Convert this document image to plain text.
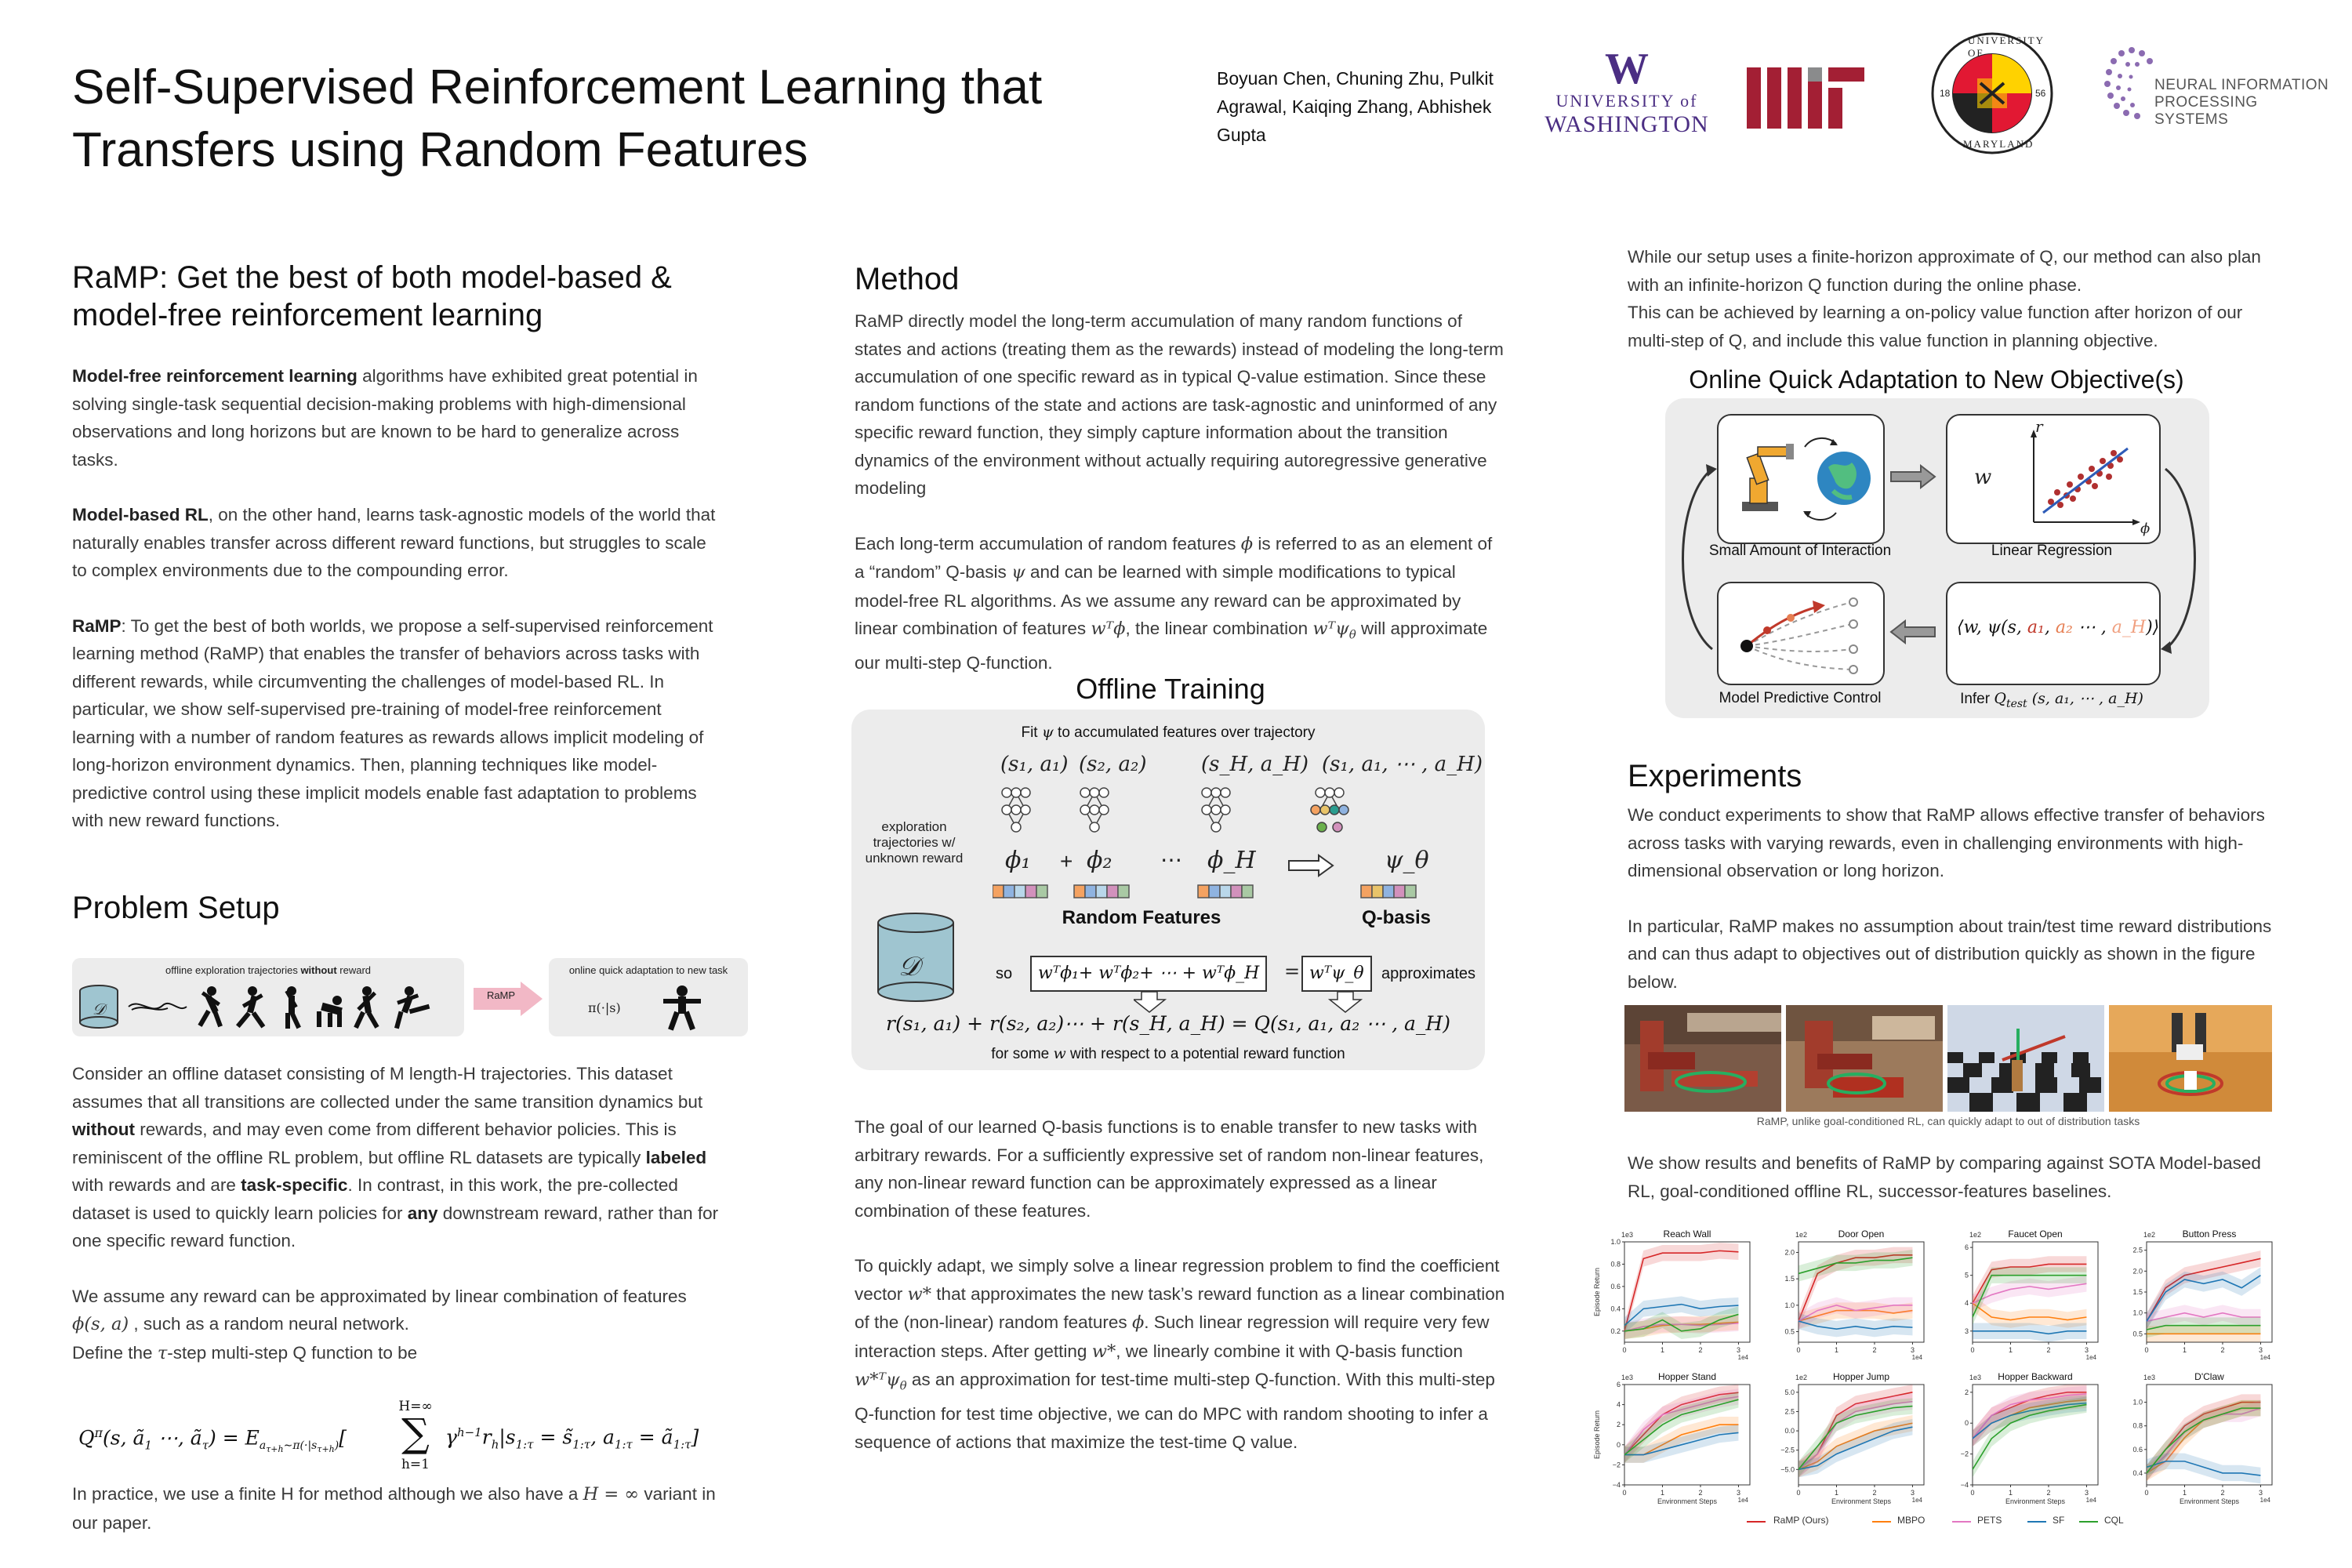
Self-Supervised Reinforcement Learning that Transfers using Random Features
Boyuan Chen, Chuning Zhu, Pulkit Agrawal, Kaiqing Zhang, Abhishek Gupta
W
UNIVERSITY of
WASHINGTON
UNIVERSITY OF
MARYLAND
18	56	NEURAL INFORMATION PROCESSING SYSTEMS
RaMP: Get the best of both model-based & model-free reinforcement learning

Model-free reinforcement learning algorithms have exhibited great potential in solving single-task sequential decision-making problems with high-dimensional observations and long horizons but are known to be hard to generalize across tasks.

Model-based RL, on the other hand, learns task-agnostic models of the world that naturally enables transfer across different reward functions, but struggles to scale to complex environments due to the compounding error.

RaMP: To get the best of both worlds, we propose a self-supervised reinforcement learning method (RaMP) that enables the transfer of behaviors across tasks with different rewards, while circumventing the challenges of model-based RL. In particular, we show self-supervised pre-training of model-free reinforcement learning with a number of random features as rewards allows implicit modeling of long-horizon environment dynamics. Then, planning techniques like model-predictive control using these implicit models enable fast adaptation to problems with new reward functions.

Problem Setup
offline exploration trajectories without reward
𝒟
RaMP
online quick adaptation to new task
π(·|s)

Consider an offline dataset consisting of M length-H trajectories. This dataset assumes that all transitions are collected under the same transition dynamics but without rewards, and may even come from different behavior policies. This is reminiscent of the offline RL problem, but offline RL datasets are typically labeled with rewards and are task-specific. In contrast, in this work, the pre-collected dataset is used to quickly learn policies for any downstream reward, rather than for one specific reward function.

We assume any reward can be approximated by linear combination of features ϕ(s, a) , such as a random neural network.
Define the τ-step multi-step Q function to be

$Q^\pi(s$, $ã_1$ ⋯, $ã_\tau) = E_{a_{\tau+h}\sim\pi(\cdot|s_{\tau+h})}$[
H=∞
∑
h=1
$\gamma^{h-1}r_h|s_{1:\tau}$ = $s̃_{1:\tau}$, $a_{1:\tau}$ = $ã_{1:\tau}$]
In practice, we use a finite H for method although we also have a H = ∞ variant in our paper.
Method

RaMP directly model the long-term accumulation of many random functions of states and actions (treating them as the rewards) instead of modeling the long-term accumulation of one specific reward as in typical Q-value estimation. Since these random functions of the state and actions are task-agnostic and uninformed of any specific reward function, they simply capture information about the transition dynamics of the environment without actually requiring autoregressive generative modeling

Each long-term accumulation of random features ϕ is referred to as an element of a “random” Q-basis ψ and can be learned with simple modifications to typical model-free RL algorithms. As we assume any reward can be approximated by linear combination of features wᵀϕ, the linear combination wᵀψ$_\theta$ will approximate our multi-step Q-function.

Offline Training
Fit ψ to accumulated features over trajectory
(s₁, a₁) (s₂, a₂)	(s_H, a_H) (s₁, a₁, ⋯ , a_H)
exploration trajectories w/ unknown reward	ϕ₁ + ϕ₂ ⋯ ϕ_H	ψ_θ
Random Features	Q-basis
𝒟	so	wᵀϕ₁+ wᵀϕ₂+ ⋯ + wᵀϕ_H	= wᵀψ_θ	approximates
r(s₁, a₁) + r(s₂, a₂)⋯ + r(s_H, a_H) = Q(s₁, a₁, a₂ ⋯ , a_H)
for some w with respect to a potential reward function

The goal of our learned Q-basis functions is to enable transfer to new tasks with arbitrary rewards. For a sufficiently expressive set of random non-linear features, any non-linear reward function can be approximately expressed as a linear combination of these features.

To quickly adapt, we simply solve a linear regression problem to find the coefficient vector w* that approximates the new task’s reward function as a linear combination of the (non-linear) random features ϕ. Such linear regression will require very few interaction steps. After getting w*, we linearly combine it with Q-basis function w*ᵀψ$_\theta$ as an approximation for test-time multi-step Q-function. With this multi-step Q-function for test time objective, we can do MPC with random shooting to infer a sequence of actions that maximize the test-time Q value.

While our setup uses a finite-horizon approximate of Q, our method can also plan with an infinite-horizon Q function during the online phase.

This can be achieved by learning a on-policy value function after horizon of our multi-step of Q, and include this value function in planning objective.

Online Quick Adaptation to New Objective(s)
Small Amount of Interaction
w
r
ϕ
Linear Regression
⟨w, ψ(s, a₁, a₂ ⋯ , a_H)⟩
Infer $Q_{test}$ (s, a₁, ⋯ , a_H)
Model Predictive Control
Experiments

We conduct experiments to show that RaMP allows effective transfer of behaviors across tasks with varying rewards, even in challenging environments with high-dimensional observation or long horizon.

In particular, RaMP makes no assumption about train/test time reward distributions and can thus adapt to objectives out of distribution quickly as shown in the figure below.

RaMP, unlike goal-conditioned RL, can quickly adapt to out of distribution tasks
We show results and benefits of RaMP by comparing against SOTA Model-based RL, goal-conditioned offline RL, successor-features baselines.
Reach Wall
1e3
0.2
0.4
0.6
0.8
1.0
0	1	2	3
1e4
Episode Return
Door Open
1e2
0.5
1.0
1.5
2.0
0	1	2	3
1e4
Faucet Open
1e2
3
4
5
6
0	1	2	3
1e4
Button Press
1e2
0.5
1.0
1.5
2.0
2.5
0	1	2	3
1e4
Hopper Stand
1e3
−4
−2
0
2
4
6
0	1	2	3
1e4
Environment Steps
Episode Return
Hopper Jump
1e2
−5.0
−2.5
0.0
2.5
5.0
0	1	2	3
1e4
Environment Steps
Hopper Backward
1e3
−4
−2
0
2
0	1	2	3
1e4
Environment Steps
D'Claw
1e3
0.4
0.6
0.8
1.0
0	1	2	3
1e4
Environment Steps
RaMP (Ours)	MBPO	PETS	SF	CQL
